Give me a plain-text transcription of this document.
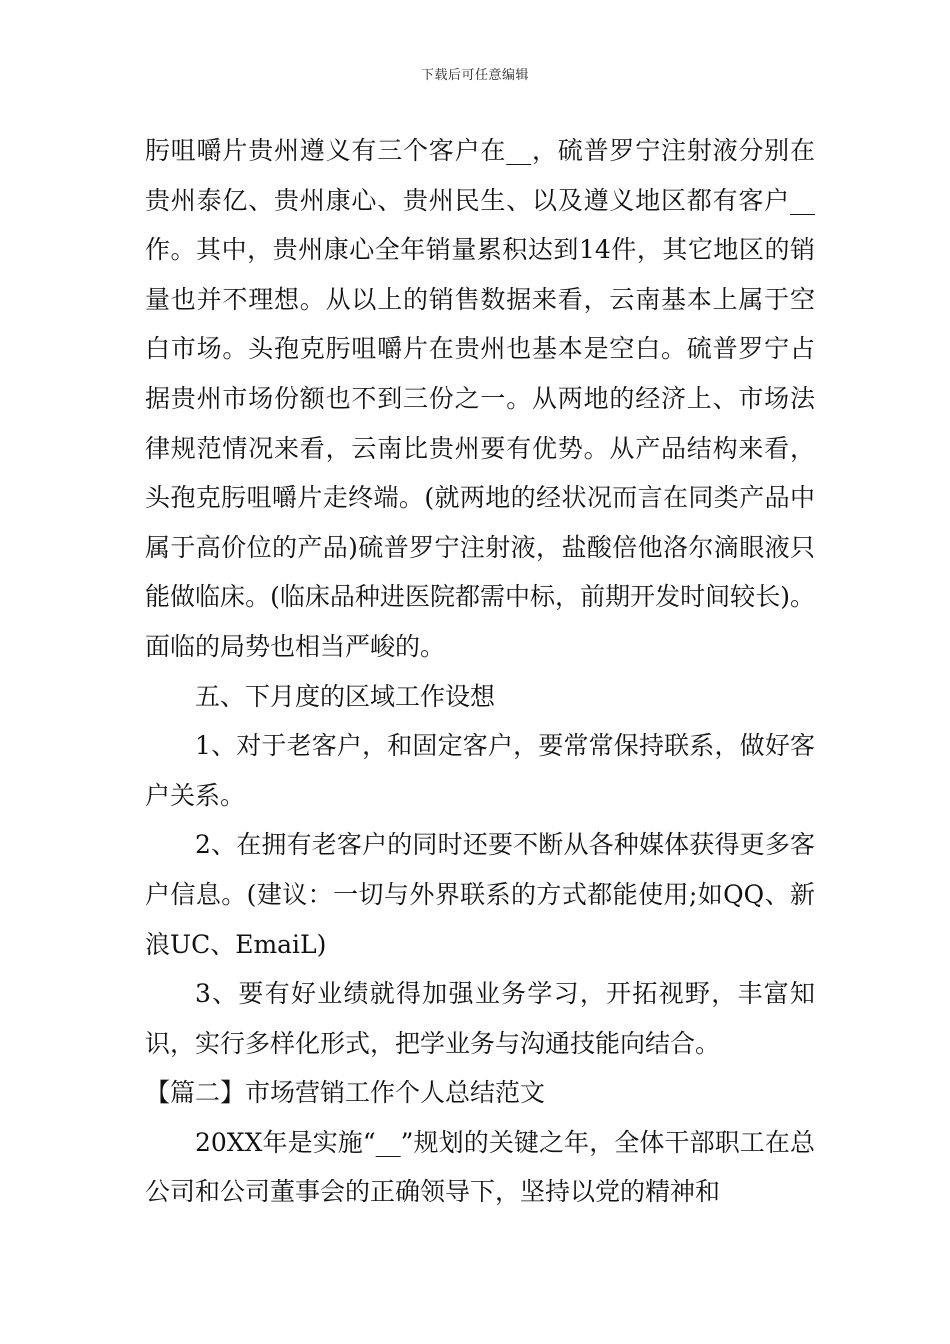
下载后可任意编辑

肟咀嚼片贵州遵义有三个客户在__，硫普罗宁注射液分别在贵州泰亿、贵州康心、贵州民生、以及遵义地区都有客户__作。其中，贵州康心全年销量累积达到14件，其它地区的销量也并不理想。从以上的销售数据来看，云南基本上属于空白市场。头孢克肟咀嚼片在贵州也基本是空白。硫普罗宁占据贵州市场份额也不到三份之一。从两地的经济上、市场法律规范情况来看，云南比贵州要有优势。从产品结构来看，头孢克肟咀嚼片走终端。(就两地的经状况而言在同类产品中属于高价位的产品)硫普罗宁注射液，盐酸倍他洛尔滴眼液只能做临床。(临床品种进医院都需中标，前期开发时间较长)。面临的局势也相当严峻的。

五、下月度的区域工作设想

1、对于老客户，和固定客户，要常常保持联系，做好客户关系。

2、在拥有老客户的同时还要不断从各种媒体获得更多客户信息。(建议：一切与外界联系的方式都能使用;如QQ、新浪UC、EmaiL)

3、要有好业绩就得加强业务学习，开拓视野，丰富知识，实行多样化形式，把学业务与沟通技能向结合。

【篇二】市场营销工作个人总结范文

20XX年是实施“__”规划的关键之年，全体干部职工在总公司和公司董事会的正确领导下，坚持以党的精神和
